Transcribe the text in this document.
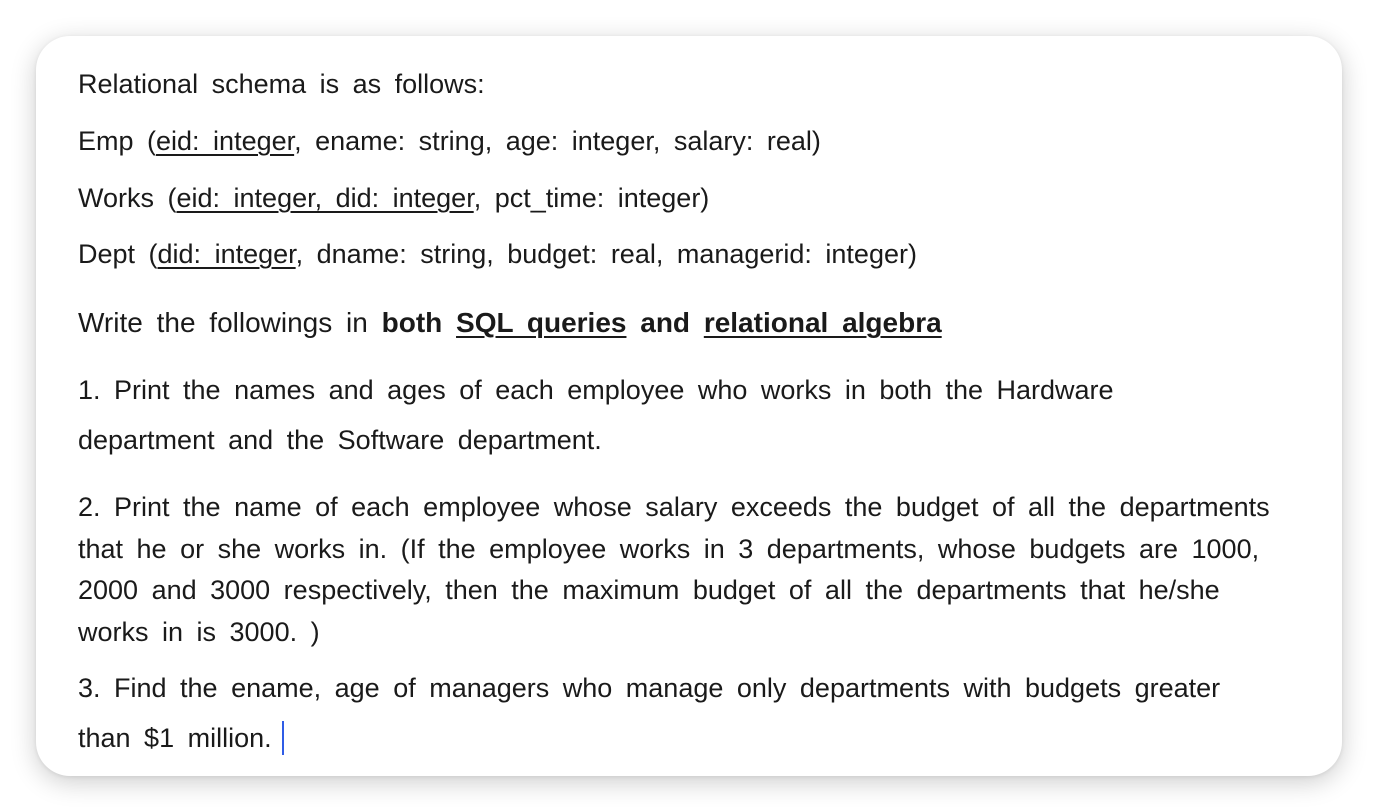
Relational schema is as follows:
Emp (eid: integer, ename: string, age: integer, salary: real)
Works (eid: integer, did: integer, pct_time: integer)
Dept (did: integer, dname: string, budget: real, managerid: integer)
Write the followings in both SQL queries and relational algebra
1. Print the names and ages of each employee who works in both the Hardware department and the Software department.
2. Print the name of each employee whose salary exceeds the budget of all the departments that he or she works in. (If the employee works in 3 departments, whose budgets are 1000, 2000 and 3000 respectively, then the maximum budget of all the departments that he/she works in is 3000. )
3. Find the ename, age of managers who manage only departments with budgets greater than $1 million.
